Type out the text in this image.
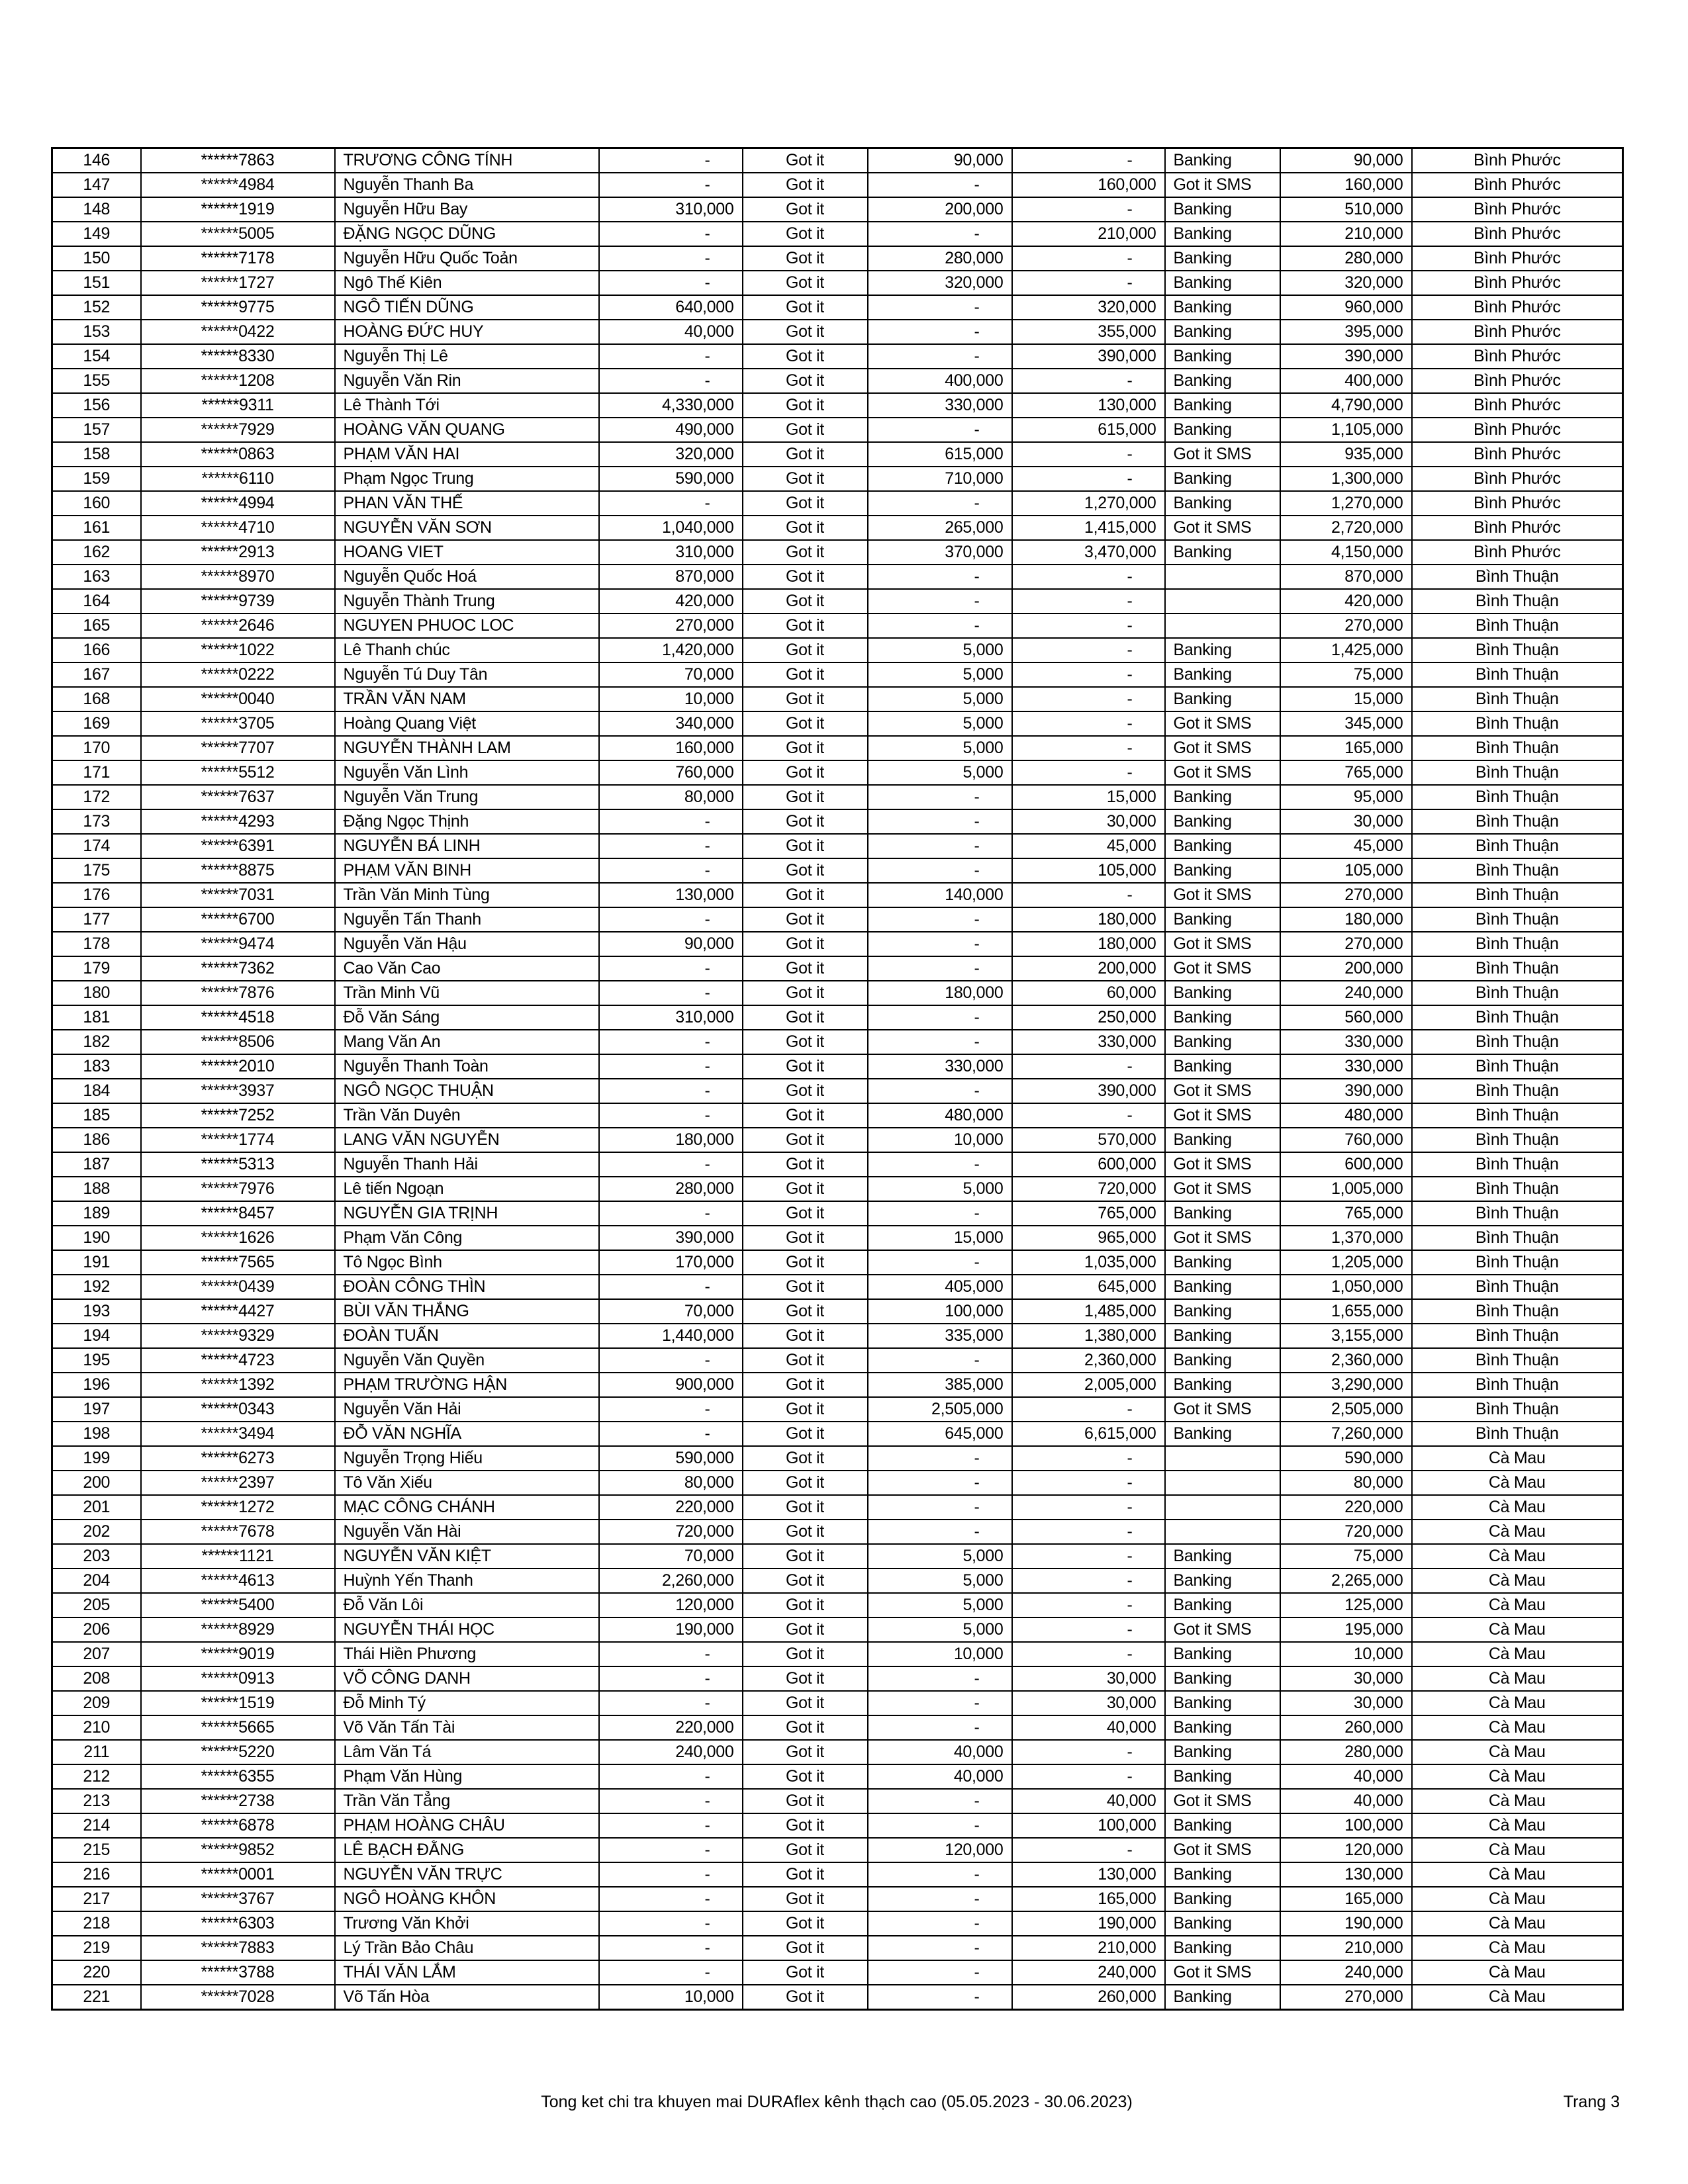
146	******7863	TRƯƠNG CÔNG TÍNH	-	Got it	90,000	-	Banking	90,000	Bình Phước
147	******4984	Nguyễn Thanh Ba	-	Got it	-	160,000	Got it SMS	160,000	Bình Phước
148	******1919	Nguyễn Hữu Bay	310,000	Got it	200,000	-	Banking	510,000	Bình Phước
149	******5005	ĐẶNG NGỌC DŨNG	-	Got it	-	210,000	Banking	210,000	Bình Phước
150	******7178	Nguyễn Hữu Quốc Toản	-	Got it	280,000	-	Banking	280,000	Bình Phước
151	******1727	Ngô Thế Kiên	-	Got it	320,000	-	Banking	320,000	Bình Phước
152	******9775	NGÔ TIẾN DŨNG	640,000	Got it	-	320,000	Banking	960,000	Bình Phước
153	******0422	HOÀNG ĐỨC HUY	40,000	Got it	-	355,000	Banking	395,000	Bình Phước
154	******8330	Nguyễn Thị Lê	-	Got it	-	390,000	Banking	390,000	Bình Phước
155	******1208	Nguyễn Văn Rin	-	Got it	400,000	-	Banking	400,000	Bình Phước
156	******9311	Lê Thành Tới	4,330,000	Got it	330,000	130,000	Banking	4,790,000	Bình Phước
157	******7929	HOÀNG VĂN QUANG	490,000	Got it	-	615,000	Banking	1,105,000	Bình Phước
158	******0863	PHẠM VĂN HAI	320,000	Got it	615,000	-	Got it SMS	935,000	Bình Phước
159	******6110	Phạm Ngọc Trung	590,000	Got it	710,000	-	Banking	1,300,000	Bình Phước
160	******4994	PHAN VĂN THẾ	-	Got it	-	1,270,000	Banking	1,270,000	Bình Phước
161	******4710	NGUYỄN VĂN SƠN	1,040,000	Got it	265,000	1,415,000	Got it SMS	2,720,000	Bình Phước
162	******2913	HOANG VIET	310,000	Got it	370,000	3,470,000	Banking	4,150,000	Bình Phước
163	******8970	Nguyễn Quốc Hoá	870,000	Got it	-	-		870,000	Bình Thuận
164	******9739	Nguyễn Thành Trung	420,000	Got it	-	-		420,000	Bình Thuận
165	******2646	NGUYEN PHUOC LOC	270,000	Got it	-	-		270,000	Bình Thuận
166	******1022	Lê Thanh chúc	1,420,000	Got it	5,000	-	Banking	1,425,000	Bình Thuận
167	******0222	Nguyễn Tú Duy Tân	70,000	Got it	5,000	-	Banking	75,000	Bình Thuận
168	******0040	TRẦN VĂN NAM	10,000	Got it	5,000	-	Banking	15,000	Bình Thuận
169	******3705	Hoàng Quang Việt	340,000	Got it	5,000	-	Got it SMS	345,000	Bình Thuận
170	******7707	NGUYỄN THÀNH LAM	160,000	Got it	5,000	-	Got it SMS	165,000	Bình Thuận
171	******5512	Nguyễn Văn Lình	760,000	Got it	5,000	-	Got it SMS	765,000	Bình Thuận
172	******7637	Nguyễn Văn Trung	80,000	Got it	-	15,000	Banking	95,000	Bình Thuận
173	******4293	Đặng Ngọc Thịnh	-	Got it	-	30,000	Banking	30,000	Bình Thuận
174	******6391	NGUYỄN BÁ LINH	-	Got it	-	45,000	Banking	45,000	Bình Thuận
175	******8875	PHẠM VĂN BINH	-	Got it	-	105,000	Banking	105,000	Bình Thuận
176	******7031	Trần Văn Minh Tùng	130,000	Got it	140,000	-	Got it SMS	270,000	Bình Thuận
177	******6700	Nguyễn Tấn Thanh	-	Got it	-	180,000	Banking	180,000	Bình Thuận
178	******9474	Nguyễn Văn Hậu	90,000	Got it	-	180,000	Got it SMS	270,000	Bình Thuận
179	******7362	Cao Văn Cao	-	Got it	-	200,000	Got it SMS	200,000	Bình Thuận
180	******7876	Trần Minh Vũ	-	Got it	180,000	60,000	Banking	240,000	Bình Thuận
181	******4518	Đỗ Văn Sáng	310,000	Got it	-	250,000	Banking	560,000	Bình Thuận
182	******8506	Mang Văn An	-	Got it	-	330,000	Banking	330,000	Bình Thuận
183	******2010	Nguyễn Thanh Toàn	-	Got it	330,000	-	Banking	330,000	Bình Thuận
184	******3937	NGÔ NGỌC THUẬN	-	Got it	-	390,000	Got it SMS	390,000	Bình Thuận
185	******7252	Trần Văn Duyên	-	Got it	480,000	-	Got it SMS	480,000	Bình Thuận
186	******1774	LANG VĂN NGUYỄN	180,000	Got it	10,000	570,000	Banking	760,000	Bình Thuận
187	******5313	Nguyễn Thanh Hải	-	Got it	-	600,000	Got it SMS	600,000	Bình Thuận
188	******7976	Lê tiến Ngoạn	280,000	Got it	5,000	720,000	Got it SMS	1,005,000	Bình Thuận
189	******8457	NGUYỄN GIA TRỊNH	-	Got it	-	765,000	Banking	765,000	Bình Thuận
190	******1626	Phạm Văn Công	390,000	Got it	15,000	965,000	Got it SMS	1,370,000	Bình Thuận
191	******7565	Tô Ngọc Bình	170,000	Got it	-	1,035,000	Banking	1,205,000	Bình Thuận
192	******0439	ĐOÀN CÔNG THÌN	-	Got it	405,000	645,000	Banking	1,050,000	Bình Thuận
193	******4427	BÙI VĂN THẮNG	70,000	Got it	100,000	1,485,000	Banking	1,655,000	Bình Thuận
194	******9329	ĐOÀN TUẤN	1,440,000	Got it	335,000	1,380,000	Banking	3,155,000	Bình Thuận
195	******4723	Nguyễn Văn Quyền	-	Got it	-	2,360,000	Banking	2,360,000	Bình Thuận
196	******1392	PHẠM TRƯỜNG HẬN	900,000	Got it	385,000	2,005,000	Banking	3,290,000	Bình Thuận
197	******0343	Nguyễn Văn Hải	-	Got it	2,505,000	-	Got it SMS	2,505,000	Bình Thuận
198	******3494	ĐỖ VĂN NGHĨA	-	Got it	645,000	6,615,000	Banking	7,260,000	Bình Thuận
199	******6273	Nguyễn Trọng Hiếu	590,000	Got it	-	-		590,000	Cà Mau
200	******2397	Tô Văn Xiếu	80,000	Got it	-	-		80,000	Cà Mau
201	******1272	MẠC CÔNG CHÁNH	220,000	Got it	-	-		220,000	Cà Mau
202	******7678	Nguyễn Văn Hài	720,000	Got it	-	-		720,000	Cà Mau
203	******1121	NGUYỄN VĂN KIỆT	70,000	Got it	5,000	-	Banking	75,000	Cà Mau
204	******4613	Huỳnh Yến Thanh	2,260,000	Got it	5,000	-	Banking	2,265,000	Cà Mau
205	******5400	Đỗ Văn Lôi	120,000	Got it	5,000	-	Banking	125,000	Cà Mau
206	******8929	NGUYỄN THÁI HỌC	190,000	Got it	5,000	-	Got it SMS	195,000	Cà Mau
207	******9019	Thái Hiền Phương	-	Got it	10,000	-	Banking	10,000	Cà Mau
208	******0913	VÕ CÔNG DANH	-	Got it	-	30,000	Banking	30,000	Cà Mau
209	******1519	Đỗ Minh Tý	-	Got it	-	30,000	Banking	30,000	Cà Mau
210	******5665	Võ Văn Tấn Tài	220,000	Got it	-	40,000	Banking	260,000	Cà Mau
211	******5220	Lâm Văn Tá	240,000	Got it	40,000	-	Banking	280,000	Cà Mau
212	******6355	Phạm Văn Hùng	-	Got it	40,000	-	Banking	40,000	Cà Mau
213	******2738	Trần Văn Tẳng	-	Got it	-	40,000	Got it SMS	40,000	Cà Mau
214	******6878	PHẠM HOÀNG CHÂU	-	Got it	-	100,000	Banking	100,000	Cà Mau
215	******9852	LÊ BẠCH ĐẰNG	-	Got it	120,000	-	Got it SMS	120,000	Cà Mau
216	******0001	NGUYỄN VĂN TRỰC	-	Got it	-	130,000	Banking	130,000	Cà Mau
217	******3767	NGÔ HOÀNG KHÔN	-	Got it	-	165,000	Banking	165,000	Cà Mau
218	******6303	Trương Văn Khởi	-	Got it	-	190,000	Banking	190,000	Cà Mau
219	******7883	Lý Trần Bảo Châu	-	Got it	-	210,000	Banking	210,000	Cà Mau
220	******3788	THÁI VĂN LẮM	-	Got it	-	240,000	Got it SMS	240,000	Cà Mau
221	******7028	Võ Tấn Hòa	10,000	Got it	-	260,000	Banking	270,000	Cà Mau
Tong ket chi tra khuyen mai DURAflex kênh thạch cao (05.05.2023 - 30.06.2023)	Trang 3
